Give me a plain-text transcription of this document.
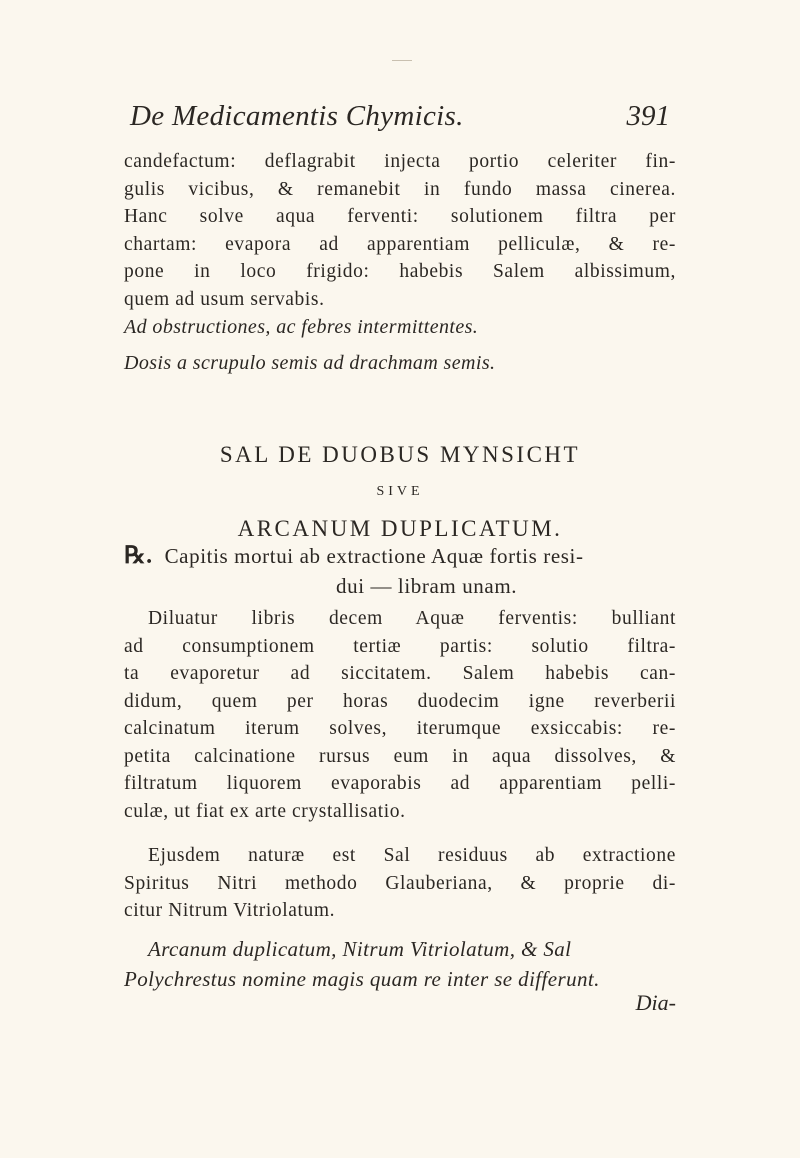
De Medicamentis Chymicis.	391
candefactum: deflagrabit injecta portio celeriter fin-
gulis vicibus, & remanebit in fundo massa cinerea.
Hanc solve aqua ferventi: solutionem filtra per
chartam: evapora ad apparentiam pelliculæ, & re-
pone in loco frigido: habebis Salem albissimum,
quem ad usum servabis.
Ad obstructiones, ac febres intermittentes.
Dosis a scrupulo semis ad drachmam semis.
SAL DE DUOBUS MYNSICHT
SIVE
ARCANUM DUPLICATUM.
℞. Capitis mortui ab extractione Aquæ fortis resi-
dui — libram unam.
Diluatur libris decem Aquæ ferventis: bulliant
ad consumptionem tertiæ partis: solutio filtra-
ta evaporetur ad siccitatem. Salem habebis can-
didum, quem per horas duodecim igne reverberii
calcinatum iterum solves, iterumque exsiccabis: re-
petita calcinatione rursus eum in aqua dissolves, &
filtratum liquorem evaporabis ad apparentiam pelli-
culæ, ut fiat ex arte crystallisatio.
Ejusdem naturæ est Sal residuus ab extractione
Spiritus Nitri methodo Glauberiana, & proprie di-
citur Nitrum Vitriolatum.
Arcanum duplicatum, Nitrum Vitriolatum, & Sal
Polychrestus nomine magis quam re inter se differunt.
Dia-
